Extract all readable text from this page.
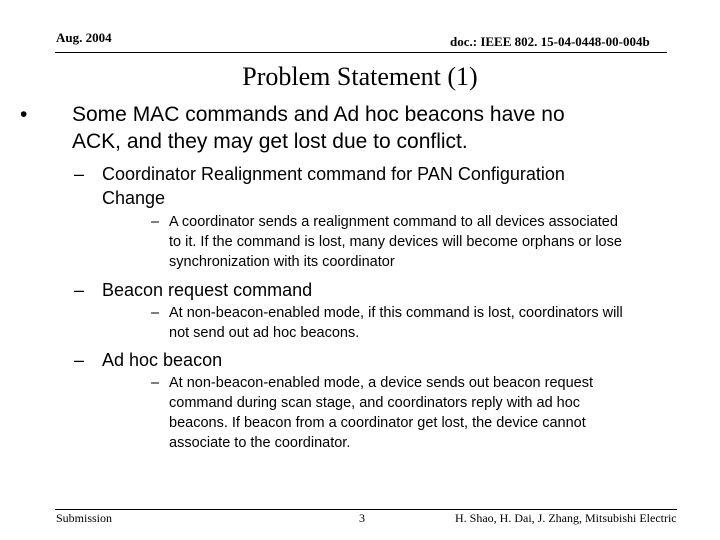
Aug. 2004	doc.: IEEE 802. 15-04-0448-00-004b
Problem Statement (1)
• Some MAC commands and Ad hoc beacons have no
ACK, and they may get lost due to conflict.
– Coordinator Realignment command for PAN Configuration
Change
– A coordinator sends a realignment command to all devices associated
to it. If the command is lost, many devices will become orphans or lose
synchronization with its coordinator
– Beacon request command
– At non-beacon-enabled mode, if this command is lost, coordinators will
not send out ad hoc beacons.
– Ad hoc beacon
– At non-beacon-enabled mode, a device sends out beacon request
command during scan stage, and coordinators reply with ad hoc
beacons. If beacon from a coordinator get lost, the device cannot
associate to the coordinator.
Submission	3	H. Shao, H. Dai, J. Zhang, Mitsubishi Electric
